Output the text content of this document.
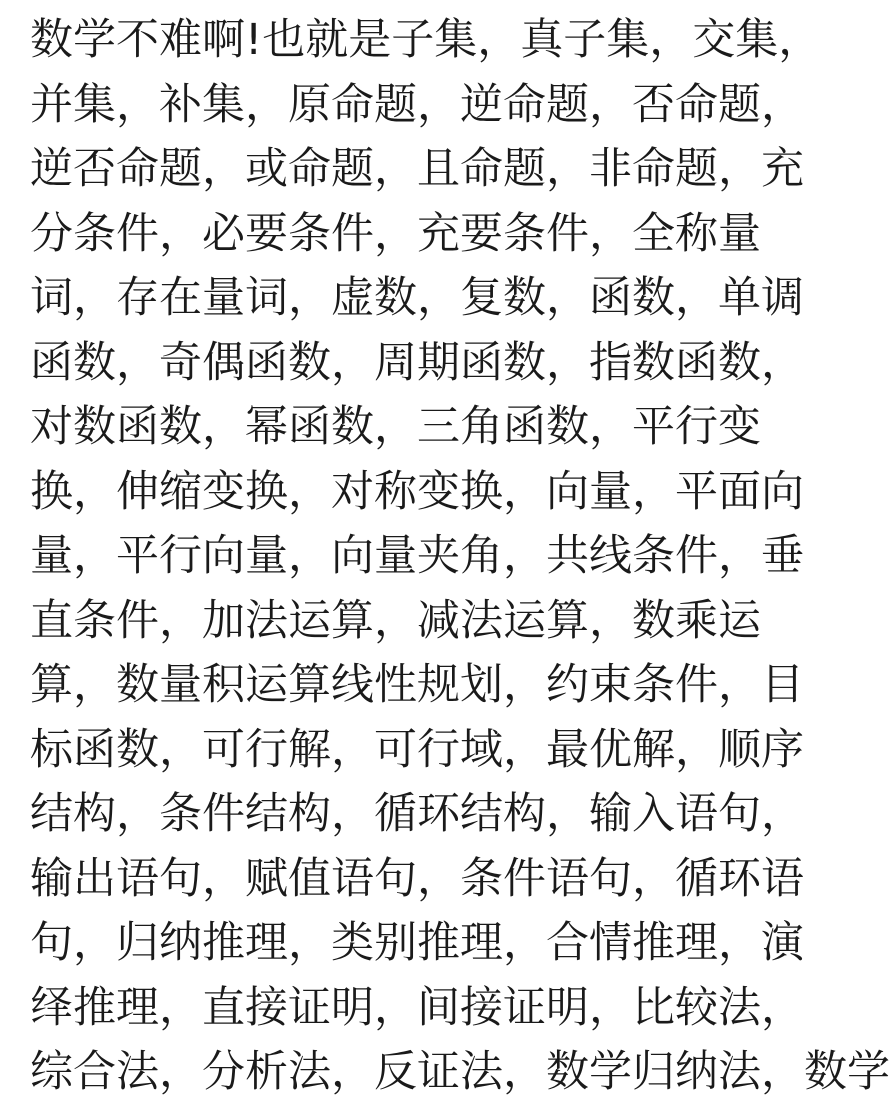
数学不难啊!也就是子集，真子集，交集，
并集，补集，原命题，逆命题，否命题，
逆否命题，或命题，且命题，非命题，充
分条件，必要条件，充要条件，全称量
词，存在量词，虚数，复数，函数，单调
函数，奇偶函数，周期函数，指数函数，
对数函数，幂函数，三角函数，平行变
换，伸缩变换，对称变换，向量，平面向
量，平行向量，向量夹角，共线条件，垂
直条件，加法运算，减法运算，数乘运
算，数量积运算线性规划，约束条件，目
标函数，可行解，可行域，最优解，顺序
结构，条件结构，循环结构，输入语句，
输出语句，赋值语句，条件语句，循环语
句，归纳推理，类别推理，合情推理，演
绎推理，直接证明，间接证明，比较法，
综合法，分析法，反证法，数学归纳法，数学
